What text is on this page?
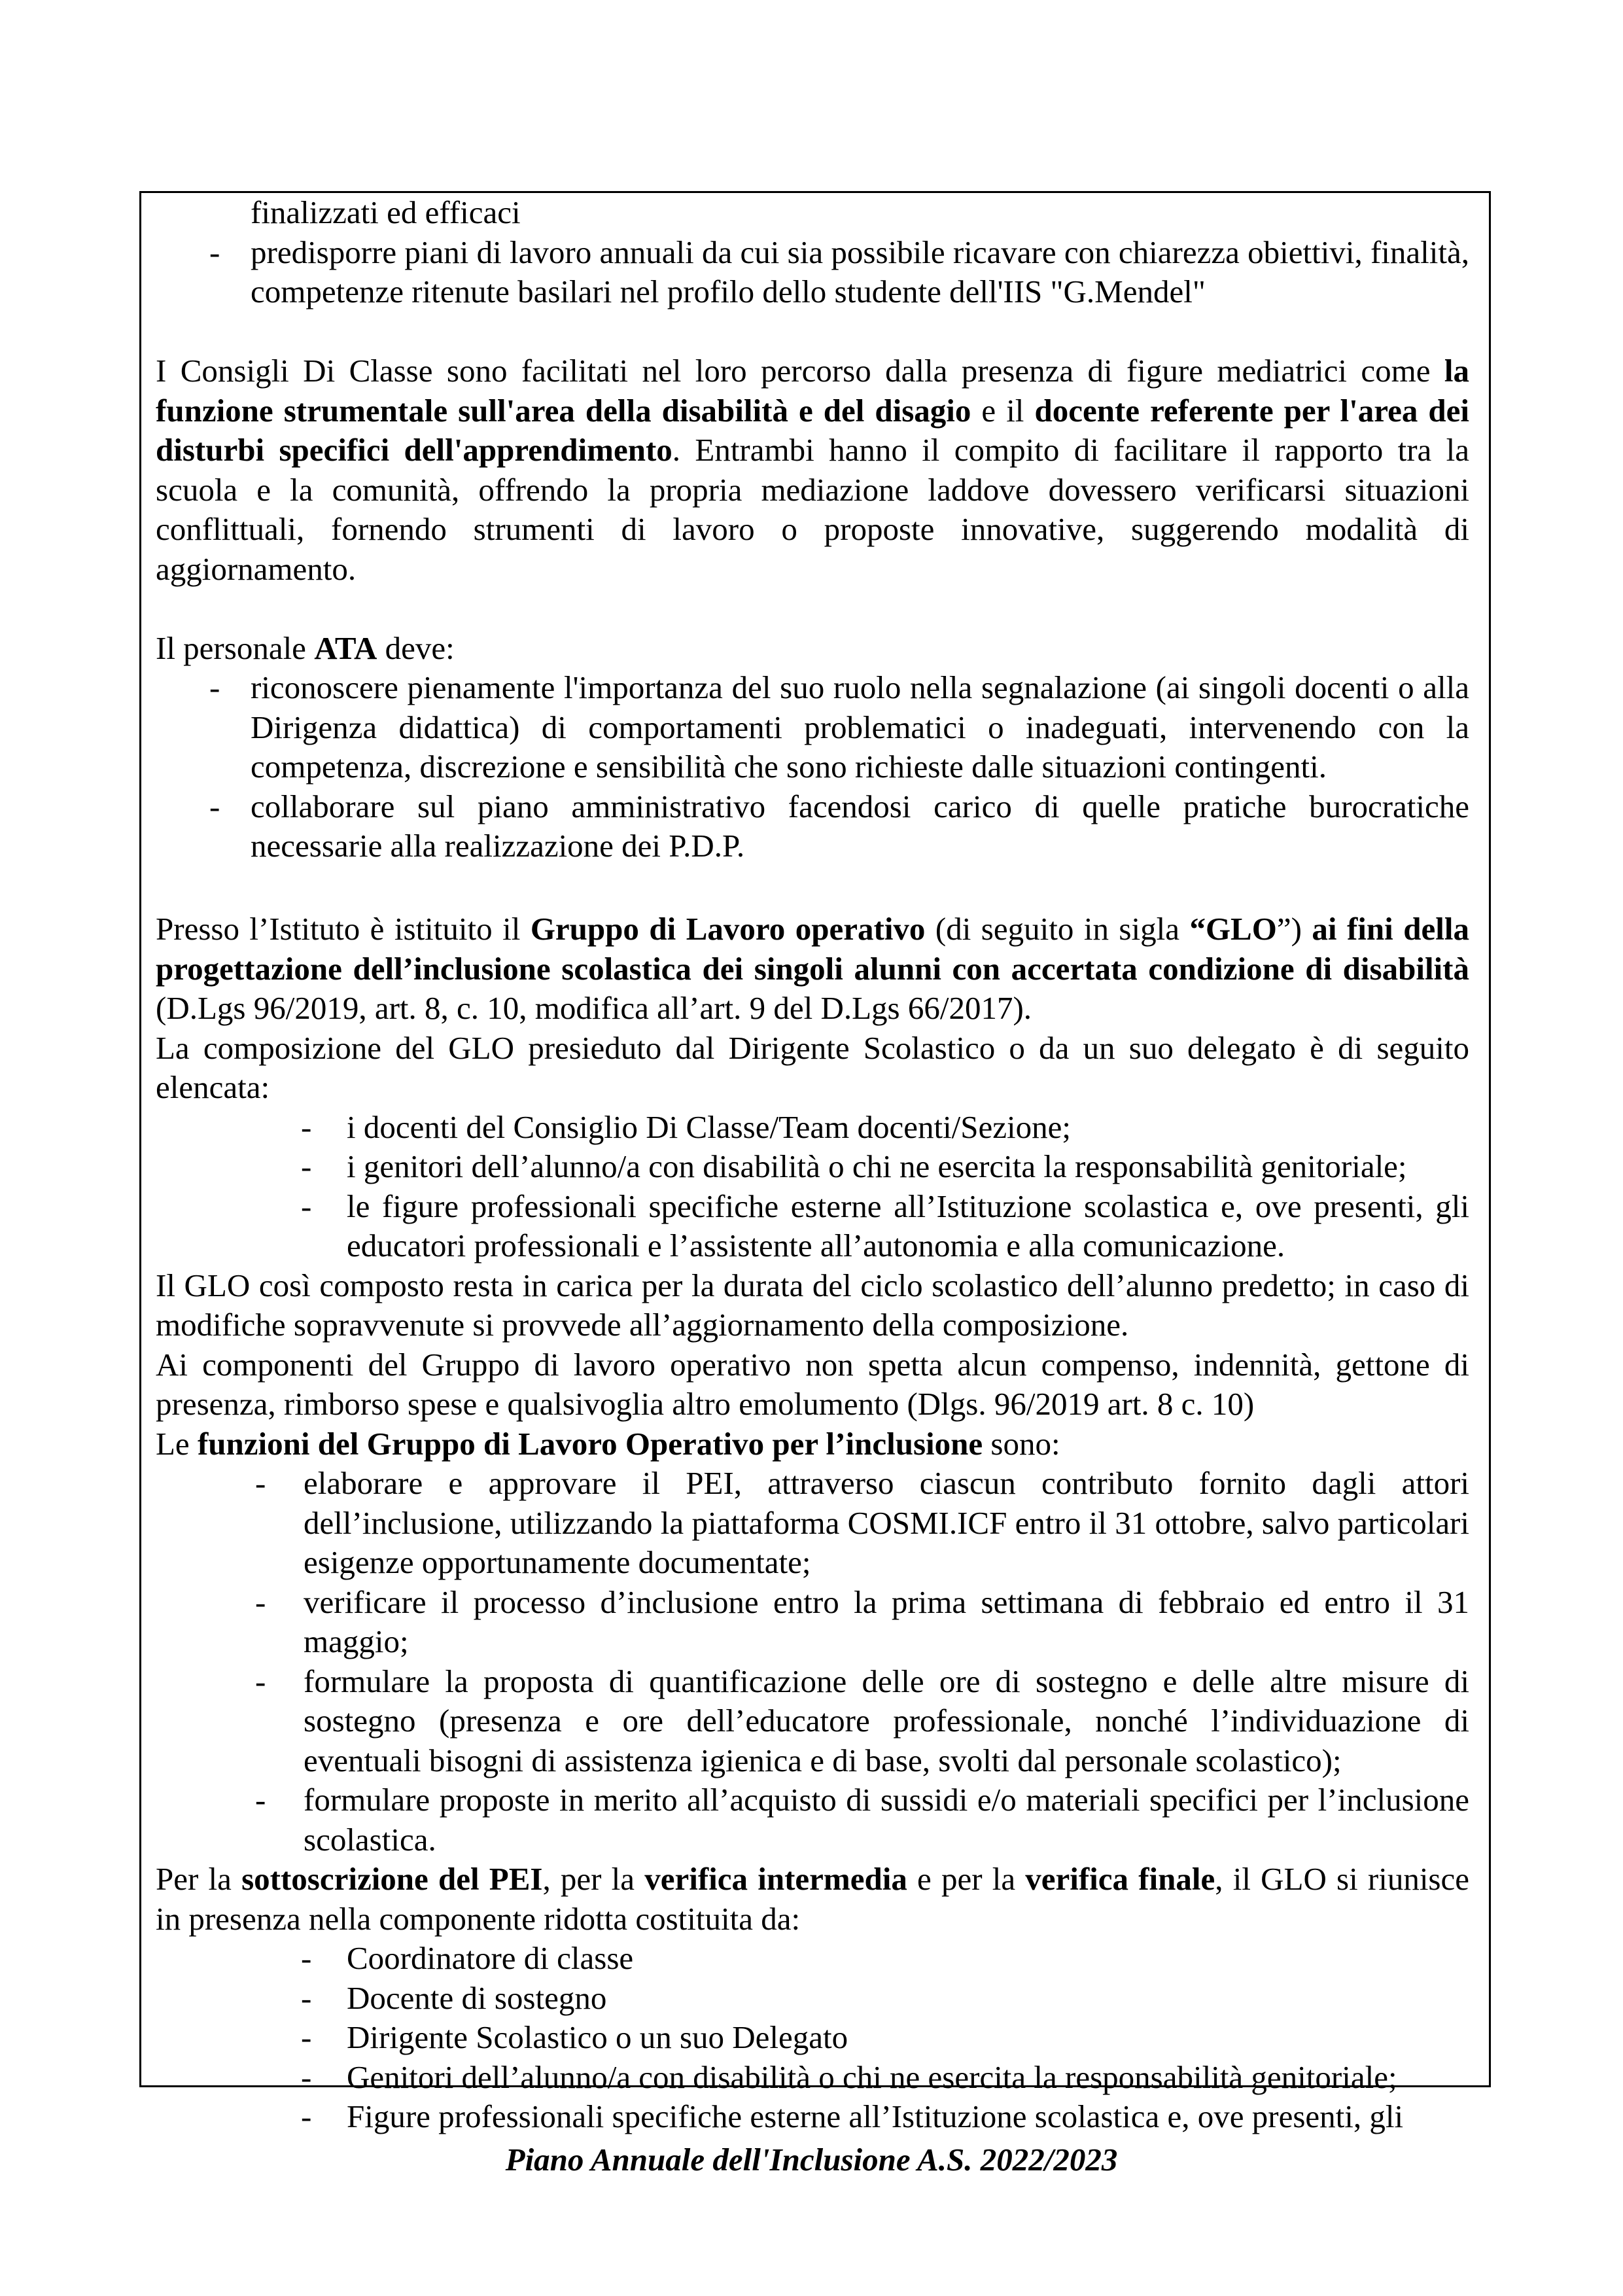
finalizzati ed efficaci

- predisporre piani di lavoro annuali da cui sia possibile ricavare con chiarezza obiettivi, finalità, competenze ritenute basilari nel profilo dello studente dell'IIS "G.Mendel"

I Consigli Di Classe sono facilitati nel loro percorso dalla presenza di figure mediatrici come la funzione strumentale sull'area della disabilità e del disagio e il docente referente per l'area dei disturbi specifici dell'apprendimento. Entrambi hanno il compito di facilitare il rapporto tra la scuola e la comunità, offrendo la propria mediazione laddove dovessero verificarsi situazioni conflittuali, fornendo strumenti di lavoro o proposte innovative, suggerendo modalità di aggiornamento.

Il personale ATA deve:

- riconoscere pienamente l'importanza del suo ruolo nella segnalazione (ai singoli docenti o alla Dirigenza didattica) di comportamenti problematici o inadeguati, intervenendo con la competenza, discrezione e sensibilità che sono richieste dalle situazioni contingenti.
- collaborare sul piano amministrativo facendosi carico di quelle pratiche burocratiche necessarie alla realizzazione dei P.D.P.

Presso l’Istituto è istituito il Gruppo di Lavoro operativo (di seguito in sigla “GLO”) ai fini della progettazione dell’inclusione scolastica dei singoli alunni con accertata condizione di disabilità (D.Lgs 96/2019, art. 8, c. 10, modifica all’art. 9 del D.Lgs 66/2017).

La composizione del GLO presieduto dal Dirigente Scolastico o da un suo delegato è di seguito elencata:

- i docenti del Consiglio Di Classe/Team docenti/Sezione;
- i genitori dell’alunno/a con disabilità o chi ne esercita la responsabilità genitoriale;
- le figure professionali specifiche esterne all’Istituzione scolastica e, ove presenti, gli educatori professionali e l’assistente all’autonomia e alla comunicazione.

Il GLO così composto resta in carica per la durata del ciclo scolastico dell’alunno predetto; in caso di modifiche sopravvenute si provvede all’aggiornamento della composizione.

Ai componenti del Gruppo di lavoro operativo non spetta alcun compenso, indennità, gettone di presenza, rimborso spese e qualsivoglia altro emolumento (Dlgs. 96/2019 art. 8 c. 10)

Le funzioni del Gruppo di Lavoro Operativo per l’inclusione sono:

- elaborare e approvare il PEI, attraverso ciascun contributo fornito dagli attori dell’inclusione, utilizzando la piattaforma COSMI.ICF entro il 31 ottobre, salvo particolari esigenze opportunamente documentate;
- verificare il processo d’inclusione entro la prima settimana di febbraio ed entro il 31 maggio;
- formulare la proposta di quantificazione delle ore di sostegno e delle altre misure di sostegno (presenza e ore dell’educatore professionale, nonché l’individuazione di eventuali bisogni di assistenza igienica e di base, svolti dal personale scolastico);
- formulare proposte in merito all’acquisto di sussidi e/o materiali specifici per l’inclusione scolastica.

Per la sottoscrizione del PEI, per la verifica intermedia e per la verifica finale, il GLO si riunisce in presenza nella componente ridotta costituita da:

- Coordinatore di classe
- Docente di sostegno
- Dirigente Scolastico o un suo Delegato
- Genitori dell’alunno/a con disabilità o chi ne esercita la responsabilità genitoriale;
- Figure professionali specifiche esterne all’Istituzione scolastica e, ove presenti, gli
Piano Annuale dell'Inclusione A.S. 2022/2023
